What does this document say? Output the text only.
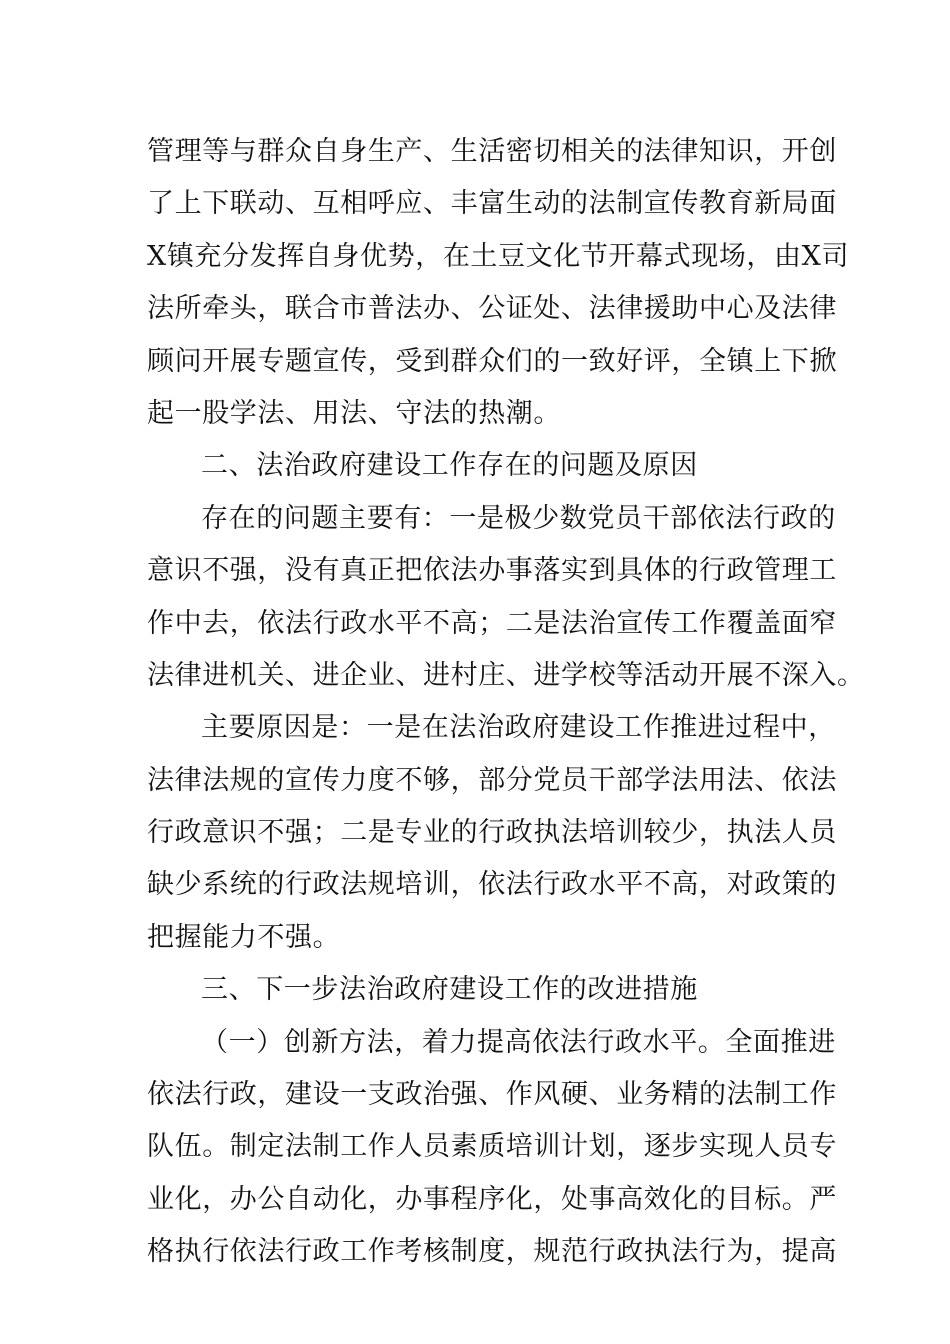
管理等与群众自身生产、生活密切相关的法律知识，开创
了上下联动、互相呼应、丰富生动的法制宣传教育新局面
X镇充分发挥自身优势，在土豆文化节开幕式现场，由X司
法所牵头，联合市普法办、公证处、法律援助中心及法律
顾问开展专题宣传，受到群众们的一致好评，全镇上下掀
起一股学法、用法、守法的热潮。
二、法治政府建设工作存在的问题及原因
存在的问题主要有：一是极少数党员干部依法行政的
意识不强，没有真正把依法办事落实到具体的行政管理工
作中去，依法行政水平不高；二是法治宣传工作覆盖面窄
法律进机关、进企业、进村庄、进学校等活动开展不深入。
主要原因是：一是在法治政府建设工作推进过程中，
法律法规的宣传力度不够，部分党员干部学法用法、依法
行政意识不强；二是专业的行政执法培训较少，执法人员
缺少系统的行政法规培训，依法行政水平不高，对政策的
把握能力不强。
三、下一步法治政府建设工作的改进措施
（一）创新方法，着力提高依法行政水平。全面推进
依法行政，建设一支政治强、作风硬、业务精的法制工作
队伍。制定法制工作人员素质培训计划，逐步实现人员专
业化，办公自动化，办事程序化，处事高效化的目标。严
格执行依法行政工作考核制度，规范行政执法行为，提高
